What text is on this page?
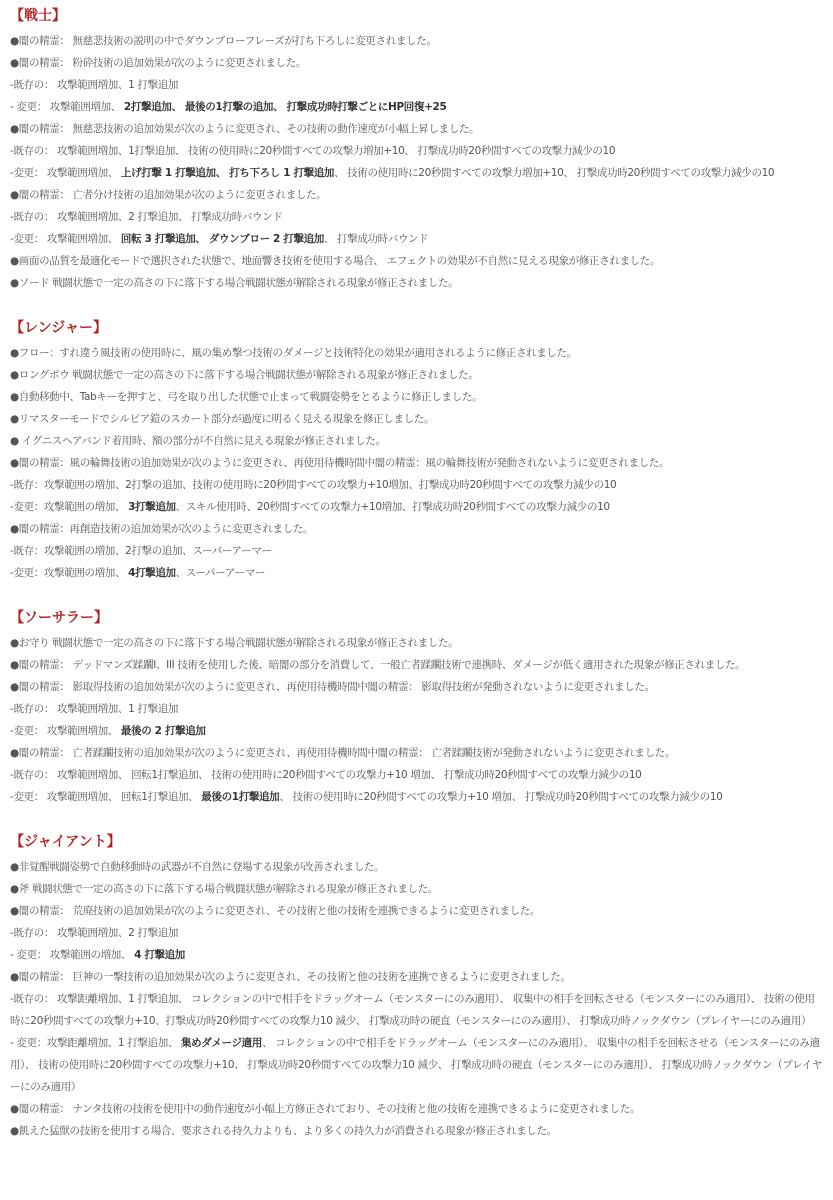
【戦士】
●闇の精霊： 無慈悲技術の説明の中でダウンブローフレーズが打ち下ろしに変更されました。
●闇の精霊： 粉砕技術の追加効果が次のように変更されました。
-既存の： 攻撃範囲増加、1 打撃追加
- 変更： 攻撃範囲増加、 2打撃追加、 最後の1打撃の追加、 打撃成功時打撃ごとにHP回復+25
●闇の精霊： 無慈悲技術の追加効果が次のように変更され、その技術の動作速度が小幅上昇しました。
-既存の： 攻撃範囲増加、1打撃追加、 技術の使用時に20秒間すべての攻撃力増加+10、 打撃成功時20秒間すべての攻撃力減少の10
-変更： 攻撃範囲増加、 上げ打撃 1 打撃追加、 打ち下ろし 1 打撃追加、 技術の使用時に20秒間すべての攻撃力増加+10、 打撃成功時20秒間すべての攻撃力減少の10
●闇の精霊： 亡者分け技術の追加効果が次のように変更されました。
-既存の： 攻撃範囲増加、2 打撃追加、 打撃成功時バウンド
-変更： 攻撃範囲増加、 回転 3 打撃追加、 ダウンブロー 2 打撃追加、 打撃成功時バウンド
●画面の品質を最適化モードで選択された状態で、地面響き技術を使用する場合、 エフェクトの効果が不自然に見える現象が修正されました。
●ソード 戦闘状態で一定の高さの下に落下する場合戦闘状態が解除される現象が修正されました。
【レンジャー】
●フロー：すれ違う風技術の使用時に、風の集め撃つ技術のダメージと技術特化の効果が適用されるように修正されました。
●ロングボウ 戦闘状態で一定の高さの下に落下する場合戦闘状態が解除される現象が修正されました。
●自動移動中、Tabキーを押すと、弓を取り出した状態で止まって戦闘姿勢をとるように修正しました。
●リマスターモードでシルビア鎧のスカート部分が過度に明るく見える現象を修正しました。
● イグニスヘアバンド着用時、額の部分が不自然に見える現象が修正されました。
●闇の精霊：風の輪舞技術の追加効果が次のように変更され、再使用待機時間中闇の精霊：風の輪舞技術が発動されないように変更されました。
-既存：攻撃範囲の増加、2打撃の追加、技術の使用時に20秒間すべての攻撃力+10増加、打撃成功時20秒間すべての攻撃力減少の10
-変更：攻撃範囲の増加、 3打撃追加、スキル使用時、20秒間すべての攻撃力+10増加、打撃成功時20秒間すべての攻撃力減少の10
●闇の精霊：再創造技術の追加効果が次のように変更されました。
-既存：攻撃範囲の増加、2打撃の追加、スーパーアーマー
-変更：攻撃範囲の増加、 4打撃追加、スーパーアーマー
【ソーサラー】
●お守り 戦闘状態で一定の高さの下に落下する場合戦闘状態が解除される現象が修正されました。
●闇の精霊： デッドマンズ蹂躙I、III 技術を使用した後、暗闇の部分を消費して、一般亡者蹂躙技術で連携時、ダメージが低く適用された現象が修正されました。
●闇の精霊： 影取得技術の追加効果が次のように変更され、再使用待機時間中闇の精霊： 影取得技術が発動されないように変更されました。
-既存の： 攻撃範囲増加、1 打撃追加
-変更： 攻撃範囲増加、 最後の 2 打撃追加
●闇の精霊： 亡者蹂躙技術の追加効果が次のように変更され、再使用待機時間中闇の精霊： 亡者蹂躙技術が発動されないように変更されました。
-既存の： 攻撃範囲増加、 回転1打撃追加、 技術の使用時に20秒間すべての攻撃力+10 増加、 打撃成功時20秒間すべての攻撃力減少の10
-変更： 攻撃範囲増加、 回転1打撃追加、 最後の1打撃追加、 技術の使用時に20秒間すべての攻撃力+10 増加、 打撃成功時20秒間すべての攻撃力減少の10
【ジャイアント】
●非覚醒戦闘姿勢で自動移動時の武器が不自然に登場する現象が改善されました。
●斧 戦闘状態で一定の高さの下に落下する場合戦闘状態が解除される現象が修正されました。
●闇の精霊： 荒廃技術の追加効果が次のように変更され、その技術と他の技術を連携できるように変更されました。
-既存の： 攻撃範囲増加、2 打撃追加
- 変更： 攻撃範囲の増加、 4 打撃追加
●闇の精霊： 巨神の一撃技術の追加効果が次のように変更され、その技術と他の技術を連携できるように変更されました。
-既存の： 攻撃距離増加、1 打撃追加、 コレクションの中で相手をドラッグオーム（モンスターにのみ適用）、 収集中の相手を回転させる（モンスターにのみ適用）、 技術の使用時に20秒間すべての攻撃力+10、打撃成功時20秒間すべての攻撃力10 減少、 打撃成功時の硬直（モンスターにのみ適用）、 打撃成功時ノックダウン（プレイヤーにのみ適用）
- 変更：攻撃距離増加、1 打撃追加、 集めダメージ適用、 コレクションの中で相手をドラッグオーム（モンスターにのみ適用）、 収集中の相手を回転させる（モンスターにのみ適用）、 技術の使用時に20秒間すべての攻撃力+10、 打撃成功時20秒間すべての攻撃力10 減少、 打撃成功時の硬直（モンスターにのみ適用）、 打撃成功時ノックダウン（プレイヤーにのみ適用）
●闇の精霊： ナンタ技術の技術を使用中の動作速度が小幅上方修正されており、その技術と他の技術を連携できるように変更されました。
●飢えた猛獣の技術を使用する場合、要求される持久力よりも、より多くの持久力が消費される現象が修正されました。
